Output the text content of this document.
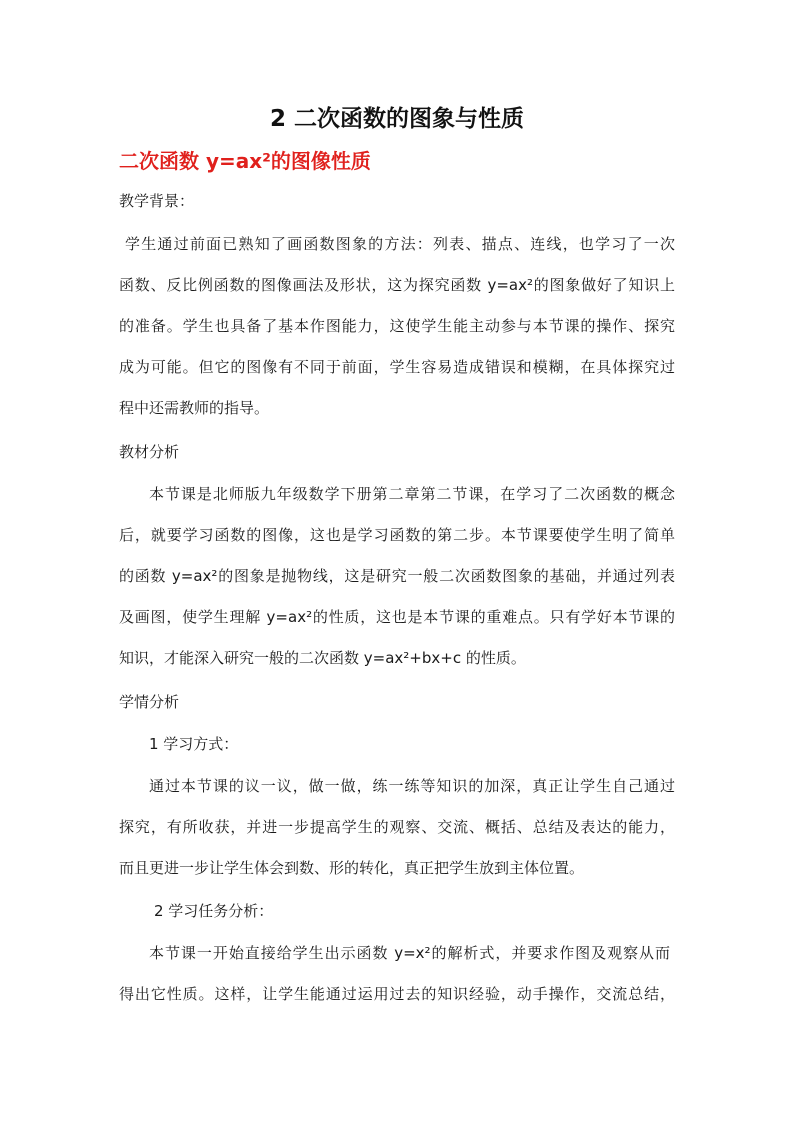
2 二次函数的图象与性质
二次函数 y=ax²的图像性质

教学背景：

学生通过前面已熟知了画函数图象的方法：列表、描点、连线，也学习了一次

函数、反比例函数的图像画法及形状，这为探究函数 y=ax²的图象做好了知识上

的准备。学生也具备了基本作图能力，这使学生能主动参与本节课的操作、探究

成为可能。但它的图像有不同于前面，学生容易造成错误和模糊，在具体探究过

程中还需教师的指导。

教材分析

本节课是北师版九年级数学下册第二章第二节课，在学习了二次函数的概念

后，就要学习函数的图像，这也是学习函数的第二步。本节课要使学生明了简单

的函数 y=ax²的图象是抛物线，这是研究一般二次函数图象的基础，并通过列表

及画图，使学生理解 y=ax²的性质，这也是本节课的重难点。只有学好本节课的

知识，才能深入研究一般的二次函数 y=ax²+bx+c 的性质。

学情分析

1 学习方式：

通过本节课的议一议，做一做，练一练等知识的加深，真正让学生自己通过

探究，有所收获，并进一步提高学生的观察、交流、概括、总结及表达的能力，

而且更进一步让学生体会到数、形的转化，真正把学生放到主体位置。

2 学习任务分析：

本节课一开始直接给学生出示函数 y=x²的解析式，并要求作图及观察从而

得出它性质。这样，让学生能通过运用过去的知识经验，动手操作，交流总结，
